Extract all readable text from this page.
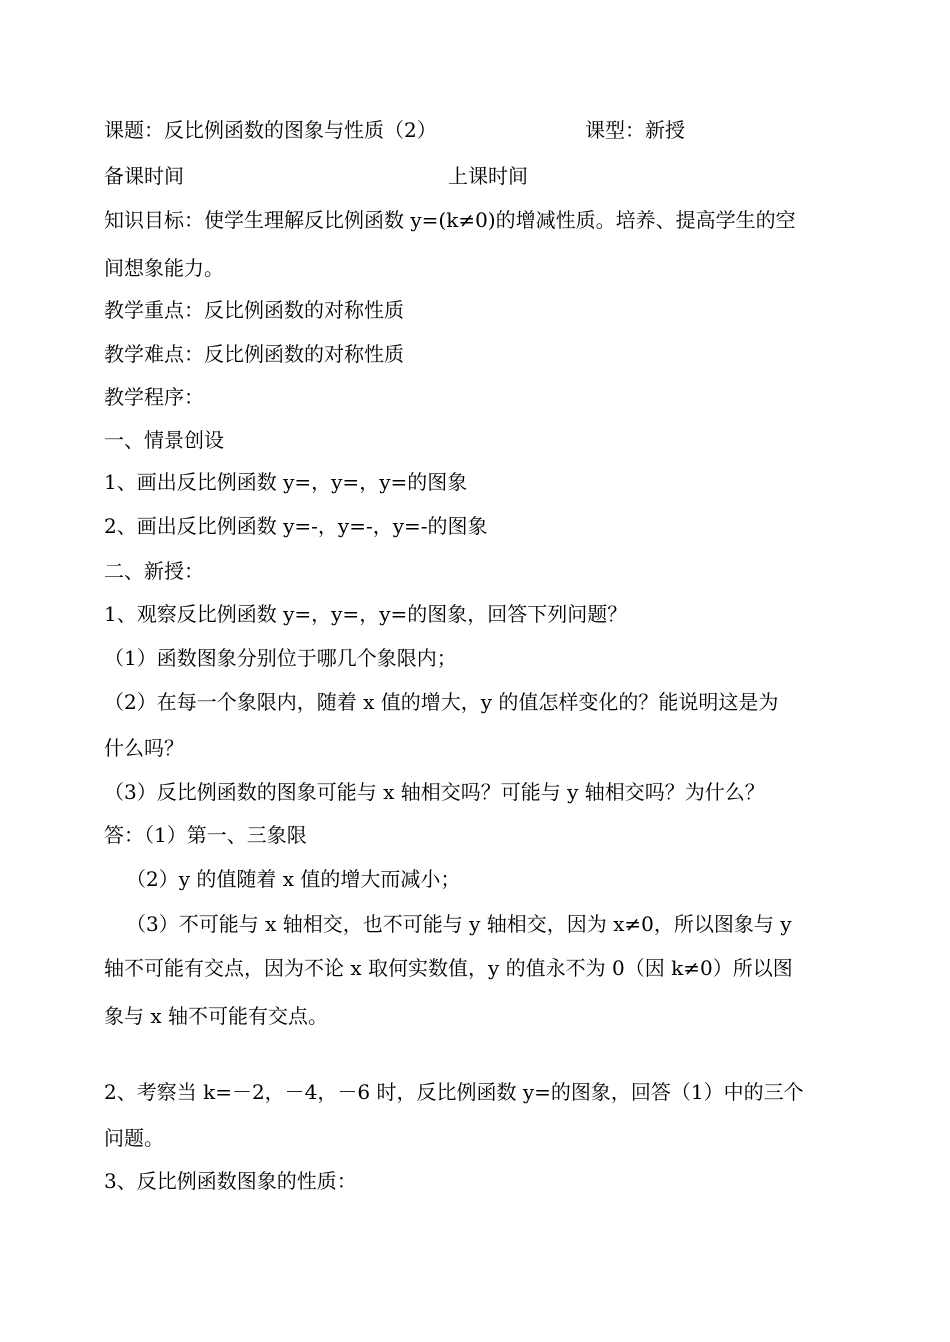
课题：反比例函数的图象与性质（2）	课型：新授
备课时间	上课时间
知识目标：使学生理解反比例函数 y=(k≠0)的增减性质。培养、提高学生的空
间想象能力。
教学重点：反比例函数的对称性质
教学难点：反比例函数的对称性质
教学程序：
一、情景创设
1、画出反比例函数 y=，y=，y=的图象
2、画出反比例函数 y=-，y=-，y=-的图象
二、新授：
1、观察反比例函数 y=，y=，y=的图象，回答下列问题？
（1）函数图象分别位于哪几个象限内；
（2）在每一个象限内，随着 x 值的增大，y 的值怎样变化的？能说明这是为
什么吗？
（3）反比例函数的图象可能与 x 轴相交吗？可能与 y 轴相交吗？为什么？
答：（1）第一、三象限
（2）y 的值随着 x 值的增大而减小；
（3）不可能与 x 轴相交，也不可能与 y 轴相交，因为 x≠0，所以图象与 y
轴不可能有交点，因为不论 x 取何实数值，y 的值永不为 0（因 k≠0）所以图
象与 x 轴不可能有交点。
2、考察当 k=－2，－4，－6 时，反比例函数 y=的图象，回答（1）中的三个
问题。
3、反比例函数图象的性质：
